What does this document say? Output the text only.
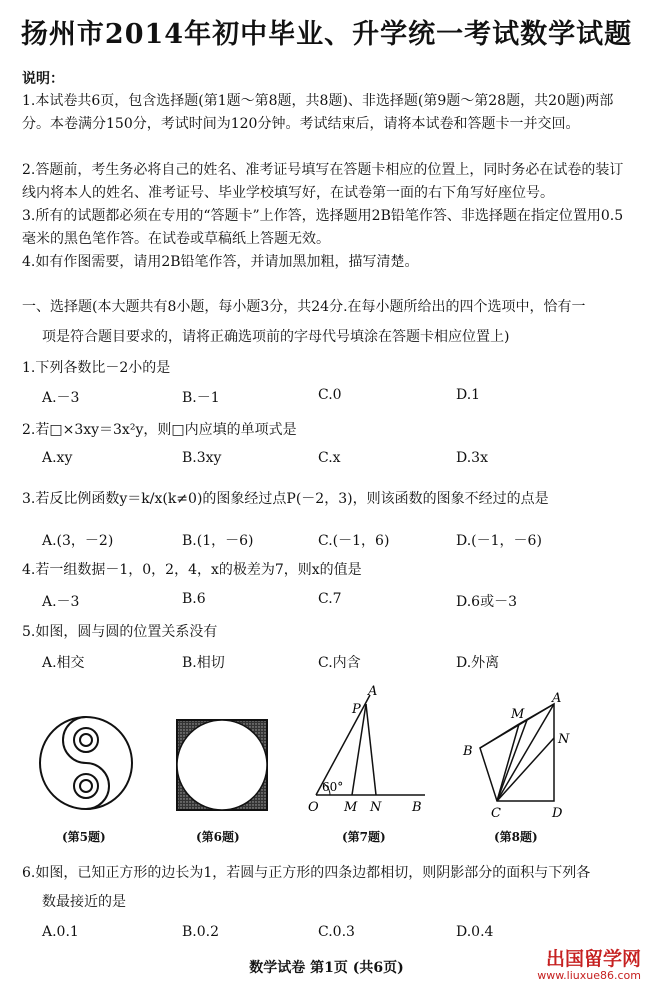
扬州市2014年初中毕业、升学统一考试数学试题
说明：
1.本试卷共6页，包含选择题(第1题～第8题，共8题)、非选择题(第9题～第28题，共20题)两部分。本卷满分150分，考试时间为120分钟。考试结束后，请将本试卷和答题卡一并交回。
2.答题前，考生务必将自己的姓名、准考证号填写在答题卡相应的位置上，同时务必在试卷的装订线内将本人的姓名、准考证号、毕业学校填写好，在试卷第一面的右下角写好座位号。
3.所有的试题都必须在专用的“答题卡”上作答，选择题用2B铅笔作答、非选择题在指定位置用0.5毫米的黑色笔作答。在试卷或草稿纸上答题无效。
4.如有作图需要，请用2B铅笔作答，并请加黑加粗，描写清楚。
一、选择题(本大题共有8小题，每小题3分，共24分.在每小题所给出的四个选项中，恰有一
项是符合题目要求的，请将正确选项前的字母代号填涂在答题卡相应位置上)
1.下列各数比－2小的是
A.－3	B.－1	C.0	D.1
2.若□×3xy＝3x²y，则□内应填的单项式是
A.xy	B.3xy	C.x	D.3x
3.若反比例函数y＝k/x(k≠0)的图象经过点P(－2，3)，则该函数的图象不经过的点是
A.(3，－2)	B.(1，－6)	C.(－1，6)	D.(－1，－6)
4.若一组数据－1，0，2，4，x的极差为7，则x的值是
A.－3	B.6	C.7	D.6或－3
5.如图，圆与圆的位置关系没有
A.相交	B.相切	C.内含	D.外离
60°
A
P
O M N B
A
M
N
B
C	D
(第5题)	(第6题)	(第7题)	(第8题)
6.如图，已知正方形的边长为1，若圆与正方形的四条边都相切，则阴影部分的面积与下列各
数最接近的是
A.0.1	B.0.2	C.0.3	D.0.4
数学试卷 第1页 (共6页)	出国留学网
www.liuxue86.com
